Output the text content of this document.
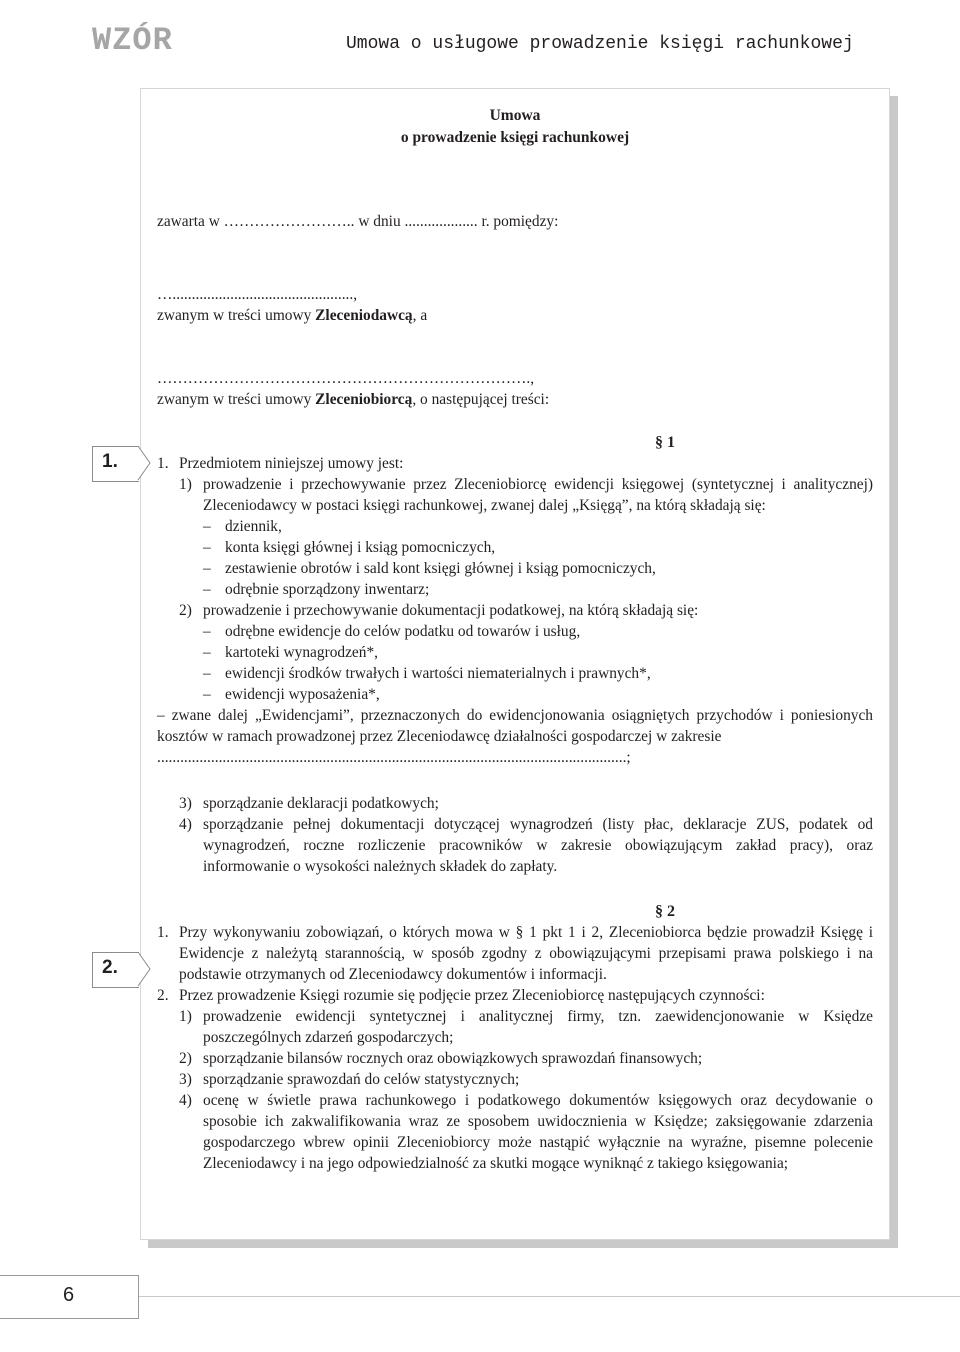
WZÓR	Umowa o usługowe prowadzenie księgi rachunkowej
Umowa
o prowadzenie księgi rachunkowej

zawarta w …………………….. w dniu ................... r. pomiędzy:

…...............................................,

zwanym w treści umowy Zleceniodawcą, a

……………………………………………………………….,

zwanym w treści umowy Zleceniobiorcą, o następującej treści:

§ 1
1. Przedmiotem niniejszej umowy jest:
1) prowadzenie i przechowywanie przez Zleceniobiorcę ewidencji księgowej (syntetycznej i analitycznej) Zleceniodawcy w postaci księgi rachunkowej, zwanej dalej „Księgą”, na którą składają się:
– dziennik,
– konta księgi głównej i ksiąg pomocniczych,
– zestawienie obrotów i sald kont księgi głównej i ksiąg pomocniczych,
– odrębnie sporządzony inwentarz;
2) prowadzenie i przechowywanie dokumentacji podatkowej, na którą składają się:
– odrębne ewidencje do celów podatku od towarów i usług,
– kartoteki wynagrodzeń*,
– ewidencji środków trwałych i wartości niematerialnych i prawnych*,
– ewidencji wyposażenia*,

– zwane dalej „Ewidencjami”, przeznaczonych do ewidencjonowania osiągniętych przychodów i poniesionych kosztów w ramach prowadzonej przez Zleceniodawcę działalności gospodarczej w zakresie

..........................................................................................................................;

3) sporządzanie deklaracji podatkowych;
4) sporządzanie pełnej dokumentacji dotyczącej wynagrodzeń (listy płac, deklaracje ZUS, podatek od wynagrodzeń, roczne rozliczenie pracowników w zakresie obowiązującym zakład pracy), oraz informowanie o wysokości należnych składek do zapłaty.
§ 2
1. Przy wykonywaniu zobowiązań, o których mowa w § 1 pkt 1 i 2, Zleceniobiorca będzie prowadził Księgę i Ewidencje z należytą starannością, w sposób zgodny z obowiązującymi przepisami prawa polskiego i na podstawie otrzymanych od Zleceniodawcy dokumentów i informacji.
2. Przez prowadzenie Księgi rozumie się podjęcie przez Zleceniobiorcę następujących czynności:
1) prowadzenie ewidencji syntetycznej i analitycznej firmy, tzn. zaewidencjonowanie w Księdze poszczególnych zdarzeń gospodarczych;
2) sporządzanie bilansów rocznych oraz obowiązkowych sprawozdań finansowych;
3) sporządzanie sprawozdań do celów statystycznych;
4) ocenę w świetle prawa rachunkowego i podatkowego dokumentów księgowych oraz decydowanie o sposobie ich zakwalifikowania wraz ze sposobem uwidocznienia w Księdze; zaksięgowanie zdarzenia gospodarczego wbrew opinii Zleceniobiorcy może nastąpić wyłącznie na wyraźne, pisemne polecenie Zleceniodawcy i na jego odpowiedzialność za skutki mogące wyniknąć z takiego księgowania;
1.
2.
6
